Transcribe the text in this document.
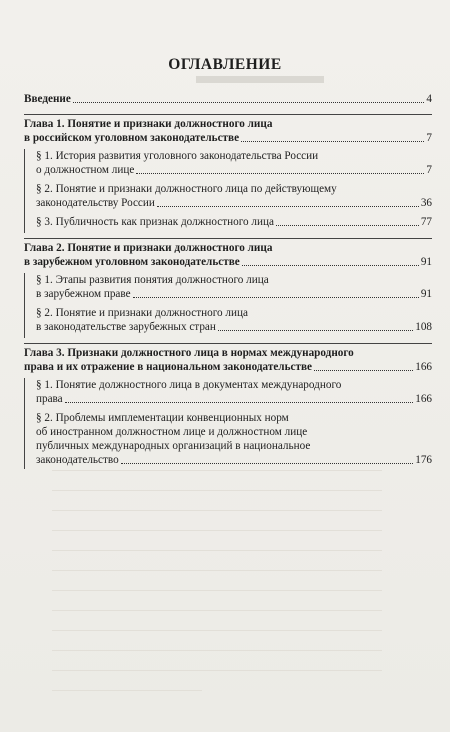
ОГЛАВЛЕНИЕ
Введение	4
Глава 1. Понятие и признаки должностного лица
в российском уголовном законодательстве	7
§ 1. История развития уголовного законодательства России
о должностном лице	7
§ 2. Понятие и признаки должностного лица по действующему
законодательству России	36
§ 3. Публичность как признак должностного лица	77
Глава 2. Понятие и признаки должностного лица
в зарубежном уголовном законодательстве	91
§ 1. Этапы развития понятия должностного лица
в зарубежном праве	91
§ 2. Понятие и признаки должностного лица
в законодательстве зарубежных стран	108
Глава 3. Признаки должностного лица в нормах международного
права и их отражение в национальном законодательстве	166
§ 1. Понятие должностного лица в документах международного
права	166
§ 2. Проблемы имплементации конвенционных норм
об иностранном должностном лице и должностном лице
публичных международных организаций в национальное
законодательство	176
